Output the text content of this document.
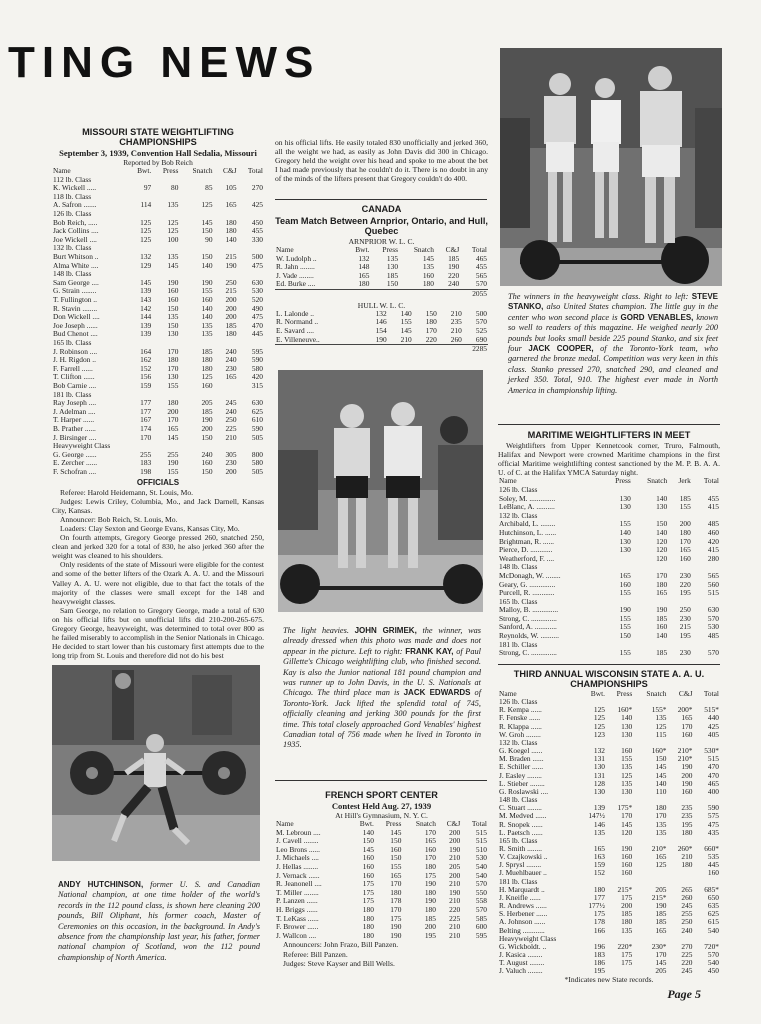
TING NEWS
MISSOURI STATE WEIGHTLIFTING CHAMPIONSHIPS
September 3, 1939, Convention Hall Sedalia, Missouri
Reported by Bob Reich
Name	Bwt.	Press	Snatch	C&J	Total
112 lb. Class					
K. Wickell .....	97	80	85	105	270
118 lb. Class					
A. Safron .......	114	135	125	165	425
126 lb. Class					
Bob Reich, .....	125	125	145	180	450
Jack Collins ....	125	125	150	180	455
Joe Wickell ....	125	100	90	140	330
132 lb. Class					
Burt Whitson ..	132	135	150	215	500
Alma White ....	129	145	140	190	475
148 lb. Class					
Sam George ....	145	190	190	250	630
G. Strain ........	139	160	155	215	530
T. Fullington ..	143	160	160	200	520
R. Stavin ........	142	150	140	200	490
Don Wickell ....	144	135	140	200	475
Joe Joseph ......	139	150	135	185	470
Bud Chenot ....	139	130	135	180	445
165 lb. Class					
J. Robinson ....	164	170	185	240	595
J. H. Rigdon ..	162	180	180	240	590
F. Farrell ......	152	170	180	230	580
T. Clifton ......	156	130	125	165	420
Bob Carnie ....	159	155	160		315
181 lb. Class					
Ray Joseph ....	177	180	205	245	630
J. Adelman ....	177	200	185	240	625
T. Harper ......	167	170	190	250	610
B. Prather ......	174	165	200	225	590
J. Birsinger ....	170	145	150	210	505
Heavyweight Class					
G. George ......	255	255	240	305	800
E. Zercher ......	183	190	160	230	580
F. Schofran ....	198	155	150	200	505
OFFICIALS

Referee: Harold Heidemann, St. Louis, Mo.

Judges: Lewis Criley, Columbia, Mo., and Jack Darnell, Kansas City, Kansas.

Announcer: Bob Reich, St. Louis, Mo.

Loaders: Clay Sexton and George Evans, Kansas City, Mo.

On fourth attempts, Gregory George pressed 260, snatched 250, clean and jerked 320 for a total of 830, he also jerked 360 after the weight was cleaned to his shoulders.

Only residents of the state of Missouri were eligible for the contest and some of the better lifters of the Ozark A. A. U. and the Missouri Valley A. A. U. were not eligible, due to that fact the totals of the majority of the classes were small except for the 148 and heavyweight classes.

Sam George, no relation to Gregory George, made a total of 630 on his official lifts but on unofficial lifts did 210-200-265-675. Gregory George, heavyweight, was determined to total over 800 as he failed miserably to accomplish in the Senior Nationals in Chicago. He decided to start lower than his customary first attempts due to the long trip from St. Louis and therefore did not do his best

ANDY HUTCHINSON, former U. S. and Canadian National champion, at one time holder of the world's records in the 112 pound class, is shown here cleaning 200 pounds, Bill Oliphant, his former coach, Master of Ceremonies on this occasion, in the background. In Andy's absence from the championship last year, his father, former national champion of Scotland, won the 112 pound championship of North America.

on his official lifts. He easily totaled 830 unofficially and jerked 360, all the weight we had, as easily as John Davis did 300 in Chicago. Gregory held the weight over his head and spoke to me about the bet I had made previously that he couldn't do it. There is no doubt in any of the minds of the lifters present that Gregory couldn't do 400.

CANADA
Team Match Between Arnprior, Ontario, and Hull, Quebec
ARNPRIOR W. L. C.
Name	Bwt.	Press	Snatch	C&J	Total
W. Ludolph ..	132	135	145	185	465
R. Jahn ........	148	130	135	190	455
J. Vade ........	165	185	160	220	565
Ed. Burke ....	180	150	180	240	570
2055					
HULL W. L. C.
L. Lalonde ..	132	140	150	210	500
R. Normand ..	146	155	180	235	570
E. Savard ....	154	145	170	210	525
E. Villeneuve..	190	210	220	260	690
2285					
The light heavies. JOHN GRIMEK, the winner, was already dressed when this photo was made and does not appear in the picture. Left to right: FRANK KAY, of Paul Gillette's Chicago weightlifting club, who finished second. Kay is also the Junior national 181 pound champion and was runner up to John Davis, in the U. S. Nationals at Chicago. The third place man is JACK EDWARDS of Toronto-York. Jack lifted the splendid total of 745, officially cleaning and jerking 300 pounds for the first time. This total closely approached Gord Venables' highest Canadian total of 756 made when he lived in Toronto in 1935.
FRENCH SPORT CENTER
Contest Held Aug. 27, 1939
At Hill's Gymnasium, N. Y. C.
Name	Bwt.	Press	Snatch	C&J	Total
M. Lebroun ....	140	145	170	200	515
J. Cavell ........	150	150	165	200	515
Leo Brons ......	145	160	160	190	510
J. Michaels ....	160	150	170	210	530
J. Hellas ........	160	155	180	205	540
J. Vernack ......	160	165	175	200	540
R. Jeanonell ....	175	170	190	210	570
T. Miller ........	175	180	180	190	550
P. Lanzen ......	175	178	190	210	558
H. Briggs ......	180	170	180	220	570
T. LeKass ......	180	175	185	225	585
F. Brower ......	180	190	200	210	600
J. Wallcon ....	180	190	195	210	595

Announcers: John Frazo, Bill Panzen.

Referee: Bill Panzen.

Judges: Steve Kayser and Bill Wells.

The winners in the heavyweight class. Right to left: STEVE STANKO, also United States champion. The little guy in the center who won second place is GORD VENABLES, known so well to readers of this magazine. He weighed nearly 200 pounds but looks small beside 225 pound Stanko, and six feet four JACK COOPER, of the Toronto-York team, who garnered the bronze medal. Competition was very keen in this class. Stanko pressed 270, snatched 290, and cleaned and jerked 350. Total, 910. The highest ever made in North America in championship lifting.
MARITIME WEIGHTLIFTERS IN MEET

Weightlifters from Upper Kennetcook corner, Truro, Falmouth, Halifax and Newport were crowned Maritime champions in the first official Maritime weightlifting contest sanctioned by the M. P. B. A. A. U. of C. at the Halifax YMCA Saturday night.

Name	Press	Snatch	Jerk	Total
126 lb. Class				
Soley, M. ..............	130	140	185	455
LeBlanc, A. ..........	130	130	155	415
132 lb. Class				
Archibald, L. ........	155	150	200	485
Hutchinson, L. ......	140	140	180	460
Brightman, R. ......	130	120	170	420
Pierce, D. ............	130	120	165	415
Weatherford, F. ....		120	160	280
148 lb. Class				
McDonagh, W. ........	165	170	230	565
Geary, G. ..............	160	180	220	560
Purcell, R. ............	155	165	195	515
165 lb. Class				
Malloy, B. ..............	190	190	250	630
Strong, C. ..............	155	185	230	570
Sanford, A. ............	155	160	215	530
Reynolds, W. ..........	150	140	195	485
181 lb. Class				
Strong, C. ..............	155	185	230	570
THIRD ANNUAL WISCONSIN STATE A. A. U. CHAMPIONSHIPS
Name	Bwt.	Press	Snatch	C&J	Total
126 lb. Class					
R. Kempa ......	125	160*	155*	200*	515*
F. Fenske ......	125	140	135	165	440
R. Klappa ......	125	130	125	170	425
W. Groh ........	123	130	115	160	405
132 lb. Class					
G. Koegel ......	132	160	160*	210*	530*
M. Braden ......	131	155	150	210*	515
E. Schiller ......	130	135	145	190	470
J. Easley ........	131	125	145	200	470
L. Stieber ........	128	135	140	190	465
G. Roslawski ....	130	130	110	160	400
148 lb. Class					
C. Stuart ........	139	175*	180	235	590
M. Medved ......	147½	170	170	235	575
R. Snopek ......	146	145	135	195	475
L. Paetsch ......	135	120	135	180	435
165 lb. Class					
R. Smith ........	165	190	210*	260*	660*
V. Czajkowski ..	163	160	165	210	535
J. Sprysl ........	159	160	125	180	445
J. Muehlbauer ..	152	160			160
181 lb. Class					
H. Marquardt ..	180	215*	205	265	685*
J. Kneifle ......	177	175	215*	260	650
R. Andrews ......	177½	200	190	245	635
S. Herbener ......	175	185	185	255	625
A. Johnson ......	178	180	185	250	615
Belting ............	166	135	165	240	540
Heavyweight Class					
G. Wickboldt. ..	196	220*	230*	270	720*
J. Kasica ........	183	175	170	225	570
T. August ........	186	175	145	220	540
J. Valuch ........	195		205	245	450
*Indicates new State records.
Page 5
